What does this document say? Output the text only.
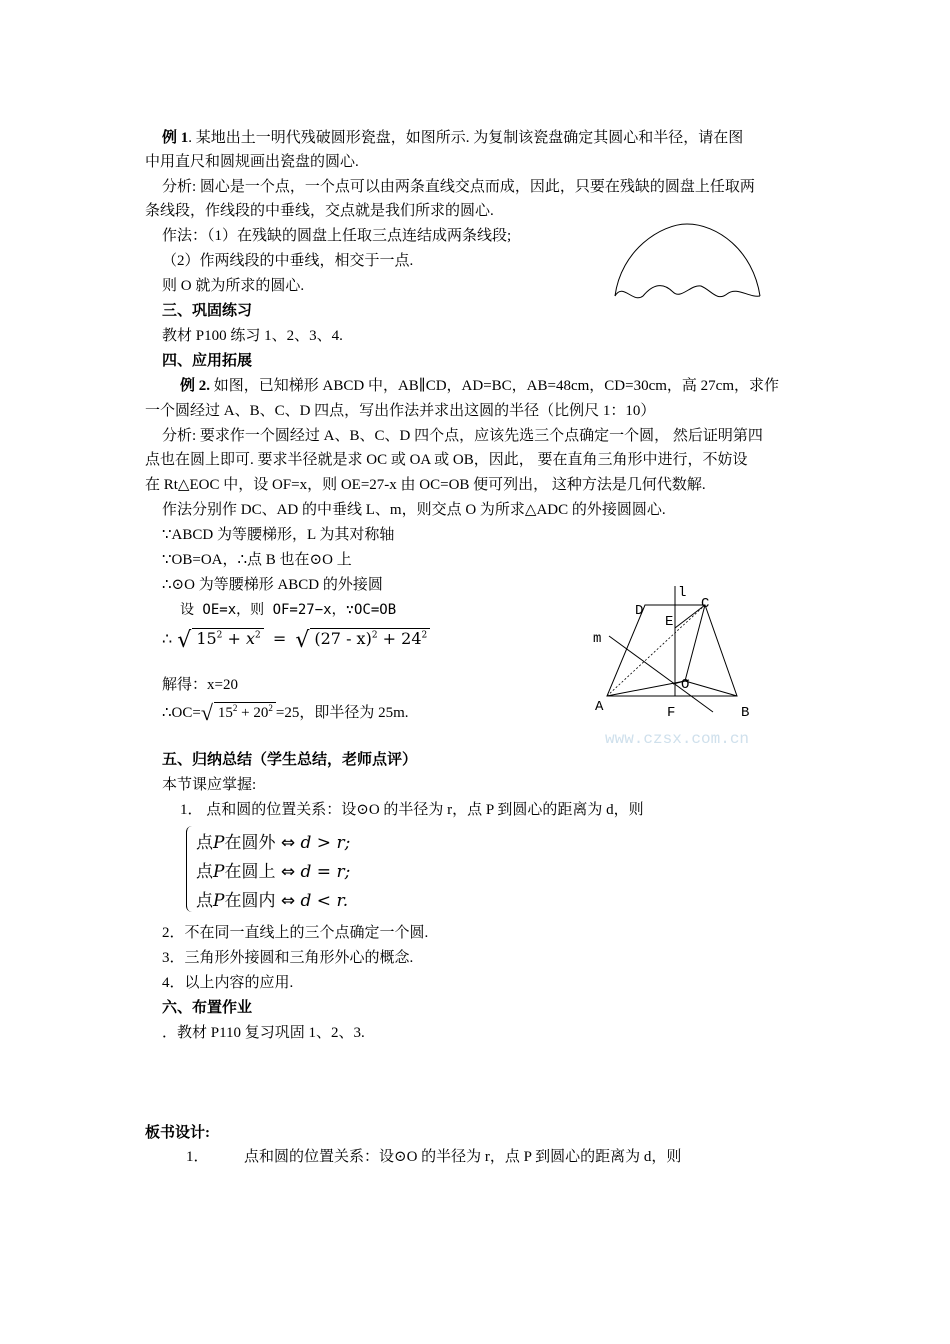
例 1. 某地出土一明代残破圆形瓷盘，如图所示. 为复制该瓷盘确定其圆心和半径，请在图
中用直尺和圆规画出瓷盘的圆心.
分析: 圆心是一个点，一个点可以由两条直线交点而成，因此，只要在残缺的圆盘上任取两
条线段，作线段的中垂线，交点就是我们所求的圆心.
作法：（1）在残缺的圆盘上任取三点连结成两条线段;
（2）作两线段的中垂线，相交于一点.
则 O 就为所求的圆心.
三、巩固练习
教材 P100 练习 1、2、3、4.
四、应用拓展
例 2. 如图，已知梯形 ABCD 中，AB∥CD，AD=BC，AB=48cm，CD=30cm，高 27cm，求作
一个圆经过 A、B、C、D 四点，写出作法并求出这圆的半径（比例尺 1：10）
分析: 要求作一个圆经过 A、B、C、D 四个点，应该先选三个点确定一个圆， 然后证明第四
点也在圆上即可. 要求半径就是求 OC 或 OA 或 OB，因此， 要在直角三角形中进行，不妨设
在 Rt△EOC 中，设 OF=x，则 OE=27-x 由 OC=OB 便可列出， 这种方法是几何代数解.
作法分别作 DC、AD 的中垂线 L、m，则交点 O 为所求△ADC 的外接圆圆心.
∵ABCD 为等腰梯形，L 为其对称轴
∵OB=OA，∴点 B 也在⊙O 上
∴⊙O 为等腰梯形 ABCD 的外接圆
设 OE=x，则 OF=27−x，∵OC=OB
∴ √ $15^2 + x^2$ = √ $(27 - x)^2 + 24^2$
解得：x=20
∴OC=√ $15^2 + 20^2 =25$，即半径为 25m.
www.czsx.com.cn
l
D	C
E
m
O
A	F	B
五、归纳总结（学生总结，老师点评）
本节课应掌握:
1． 点和圆的位置关系：设⊙O 的半径为 r，点 P 到圆心的距离为 d，则
点P在圆外 ⇔ d > r;
点P在圆上 ⇔ d = r;
点P在圆内 ⇔ d < r.
2．不在同一直线上的三个点确定一个圆.
3．三角形外接圆和三角形外心的概念.
4．以上内容的应用.
六、布置作业
．教材 P110 复习巩固 1、2、3.
板书设计:
1．	点和圆的位置关系：设⊙O 的半径为 r，点 P 到圆心的距离为 d，则
